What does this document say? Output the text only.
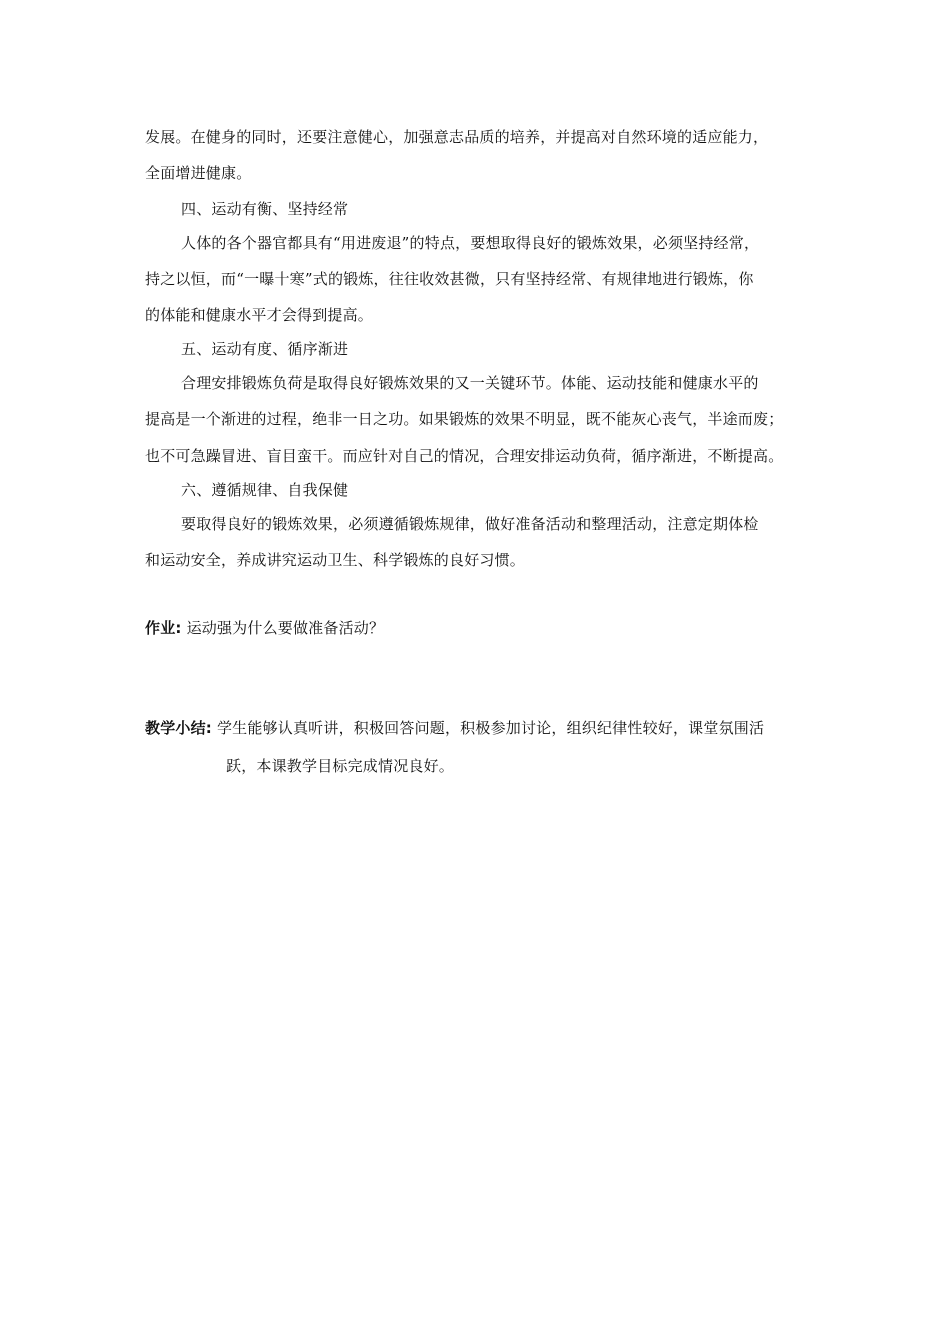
发展。在健身的同时，还要注意健心，加强意志品质的培养，并提高对自然环境的适应能力，
全面增进健康。
四、运动有衡、坚持经常
人体的各个器官都具有“用进废退”的特点，要想取得良好的锻炼效果，必须坚持经常，
持之以恒，而“一曝十寒”式的锻炼，往往收效甚微，只有坚持经常、有规律地进行锻炼，你
的体能和健康水平才会得到提高。
五、运动有度、循序渐进
合理安排锻炼负荷是取得良好锻炼效果的又一关键环节。体能、运动技能和健康水平的
提高是一个渐进的过程，绝非一日之功。如果锻炼的效果不明显，既不能灰心丧气，半途而废；
也不可急躁冒进、盲目蛮干。而应针对自己的情况，合理安排运动负荷，循序渐进，不断提高。
六、遵循规律、自我保健
要取得良好的锻炼效果，必须遵循锻炼规律，做好准备活动和整理活动，注意定期体检
和运动安全，养成讲究运动卫生、科学锻炼的良好习惯。
作业: 运动强为什么要做准备活动？
教学小结: 学生能够认真听讲，积极回答问题，积极参加讨论，组织纪律性较好，课堂氛围活
跃，本课教学目标完成情况良好。
